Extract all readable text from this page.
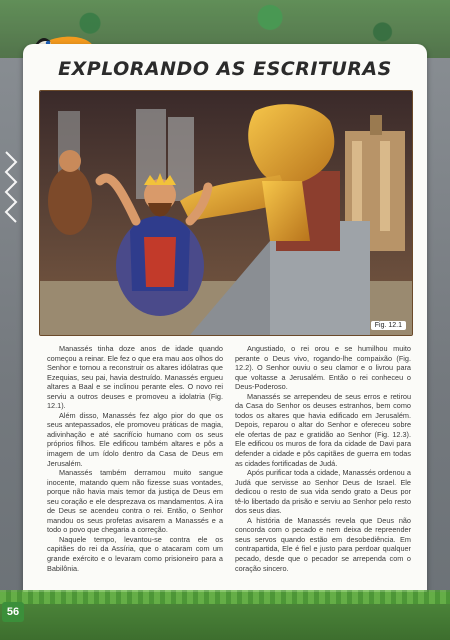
EXPLORANDO AS ESCRITURAS
Fig. 12.1

Manassés tinha doze anos de idade quando começou a reinar. Ele fez o que era mau aos olhos do Senhor e tornou a reconstruir os altares idólatras que Ezequias, seu pai, havia destruído. Manassés ergueu altares a Baal e se inclinou perante eles. O novo rei serviu a outros deuses e promoveu a idolatria (Fig. 12.1).

Além disso, Manassés fez algo pior do que os seus antepassados, ele promoveu práticas de magia, adivinhação e até sacrifício humano com os seus próprios filhos. Ele edificou também altares e pôs a imagem de um ídolo dentro da Casa de Deus em Jerusalém.

Manassés também derramou muito sangue inocente, matando quem não fizesse suas vontades, porque não havia mais temor da justiça de Deus em seu coração e ele desprezava os mandamentos. A ira de Deus se acendeu contra o rei. Então, o Senhor mandou os seus profetas avisarem a Manassés e a todo o povo que chegaria a correção.

Naquele tempo, levantou-se contra ele os capitães do rei da Assíria, que o atacaram com um grande exército e o levaram como prisioneiro para a Babilônia.

Angustiado, o rei orou e se humilhou muito perante o Deus vivo, rogando-lhe compaixão (Fig. 12.2). O Senhor ouviu o seu clamor e o livrou para que voltasse a Jerusalém. Então o rei conheceu o Deus-Poderoso.

Manassés se arrependeu de seus erros e retirou da Casa do Senhor os deuses estranhos, bem como todos os altares que havia edificado em Jerusalém. Depois, reparou o altar do Senhor e ofereceu sobre ele ofertas de paz e gratidão ao Senhor (Fig. 12.3). Ele edificou os muros de fora da cidade de Davi para defender a cidade e pôs capitães de guerra em todas as cidades fortificadas de Judá.

Após purificar toda a cidade, Manassés ordenou a Judá que servisse ao Senhor Deus de Israel. Ele dedicou o resto de sua vida sendo grato a Deus por tê-lo libertado da prisão e serviu ao Senhor pelo resto dos seus dias.

A história de Manassés revela que Deus não concorda com o pecado e nem deixa de repreender seus servos quando estão em desobediência. Em contrapartida, Ele é fiel e justo para perdoar qualquer pecado, desde que o pecador se arrependa com o coração sincero.

56
